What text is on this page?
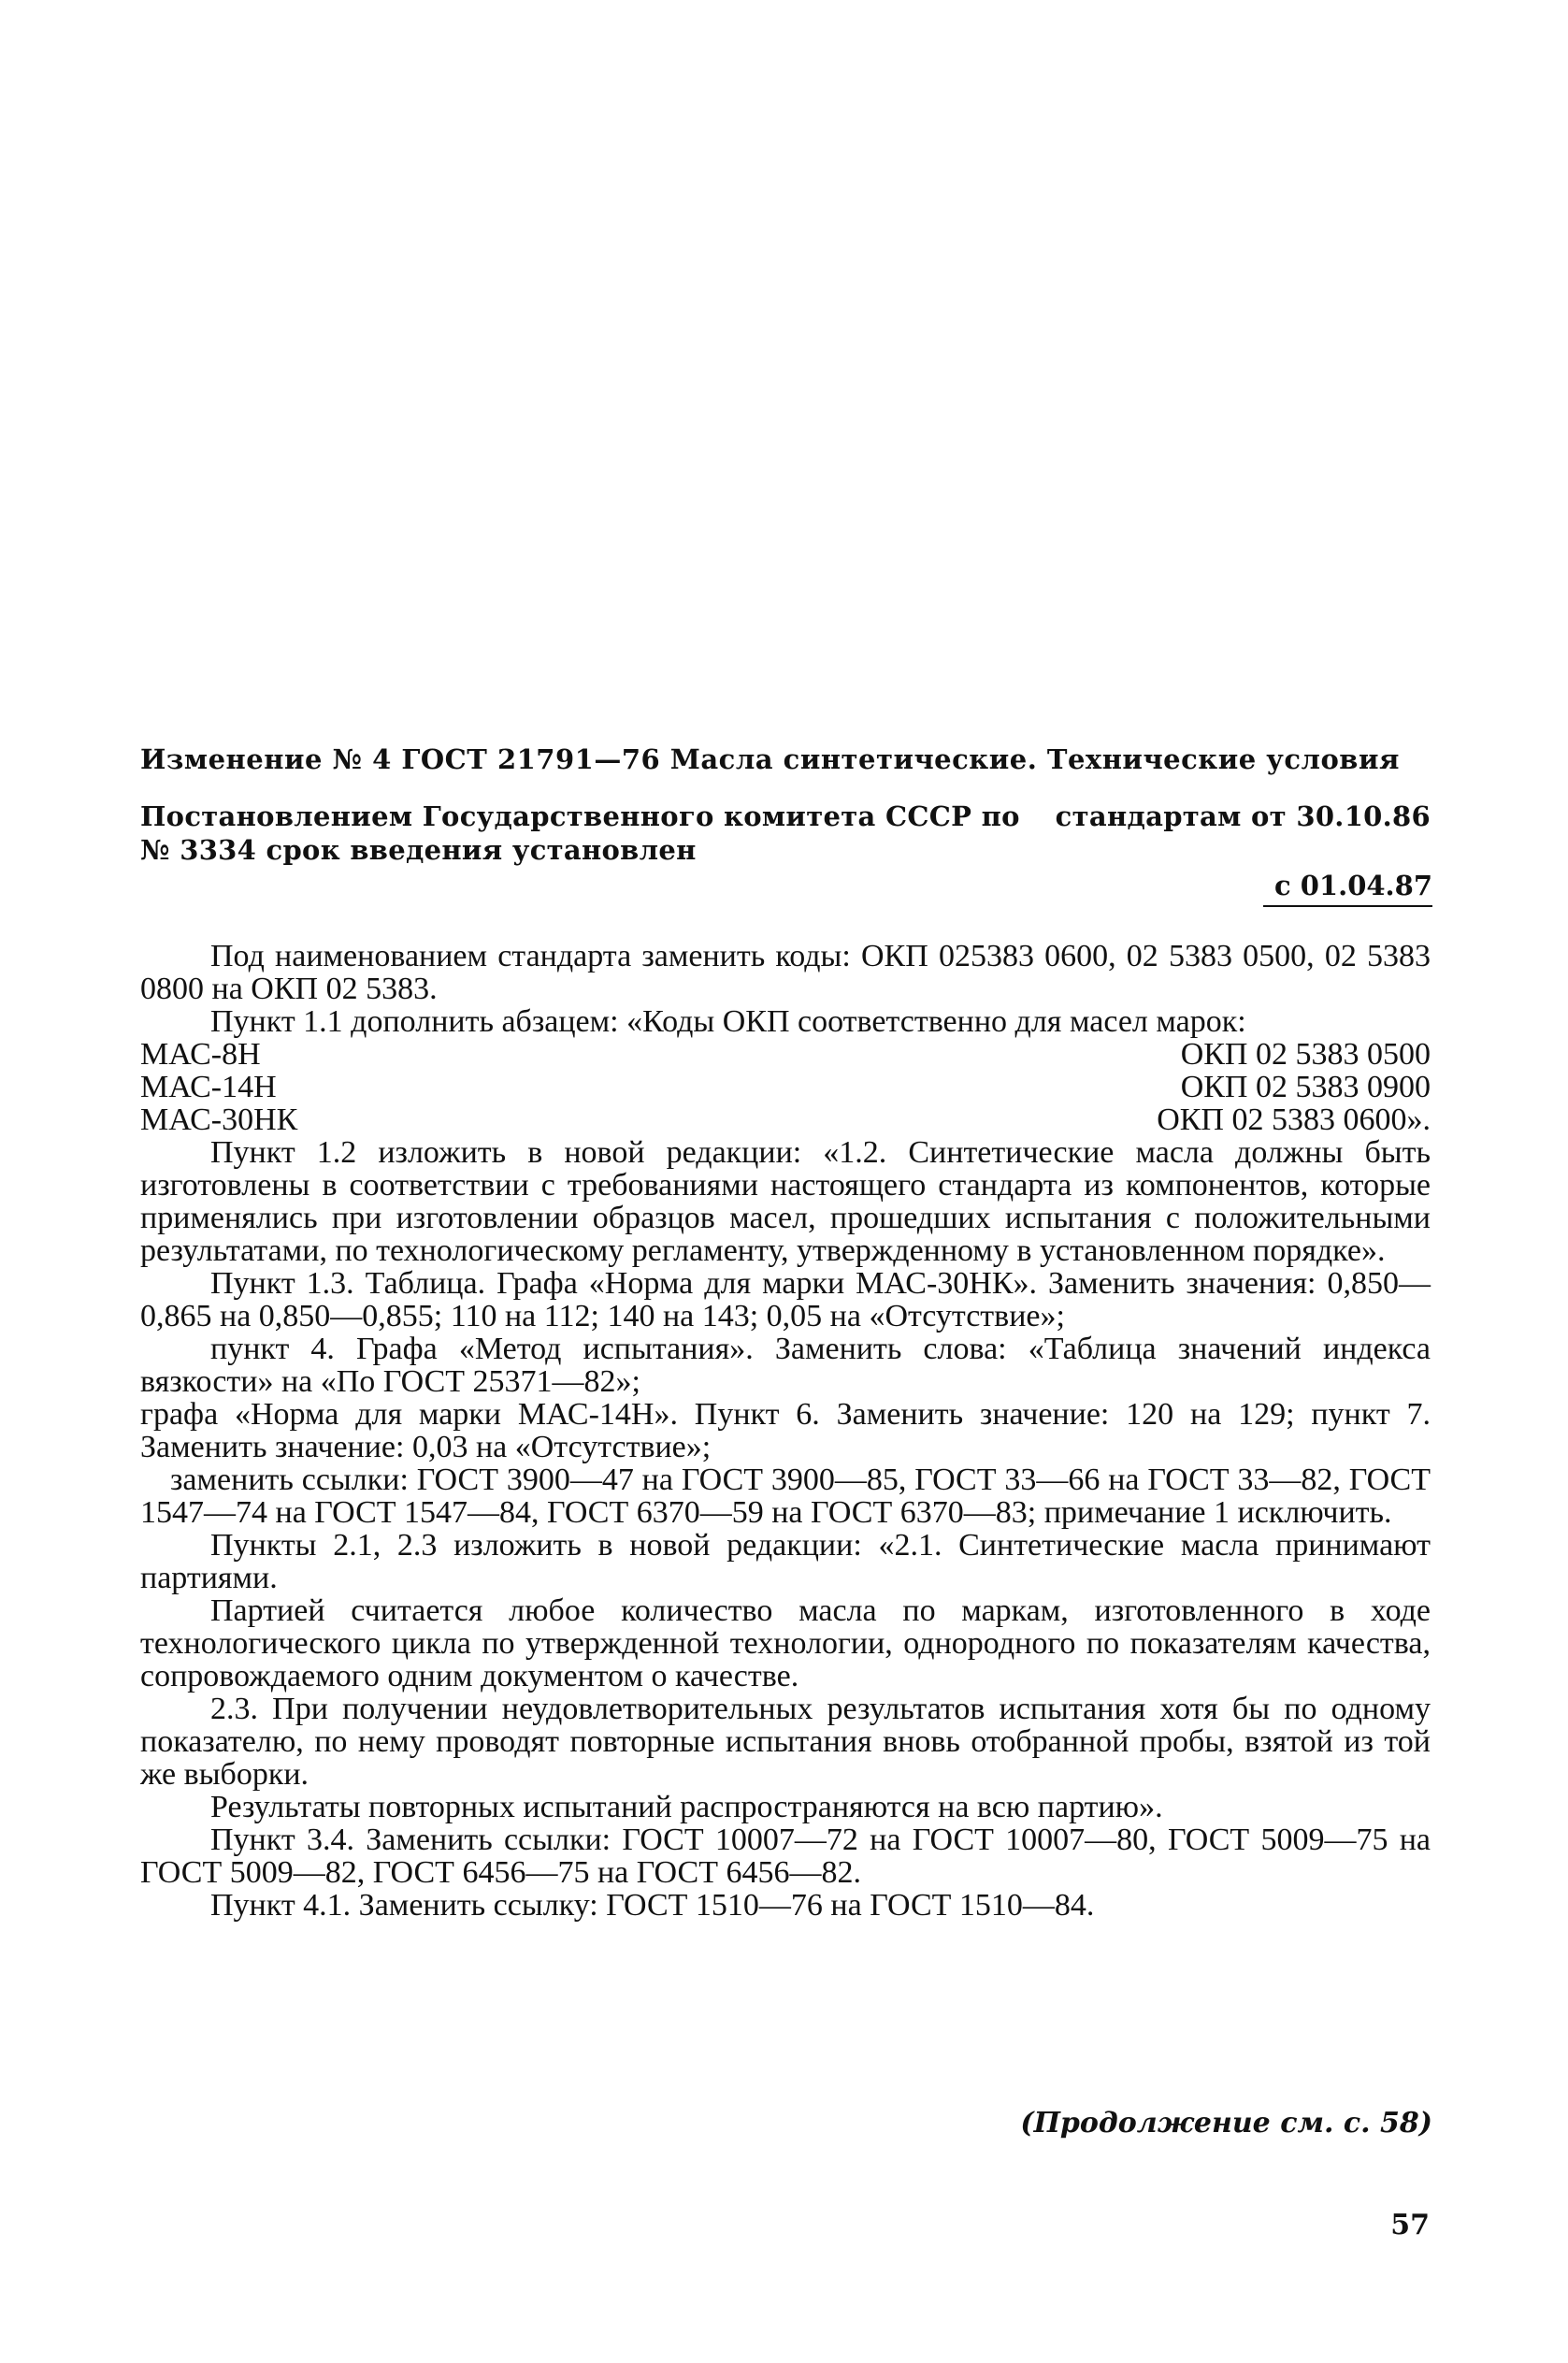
Изменение № 4 ГОСТ 21791—76 Масла синтетические. Технические условия
Постановлением Государственного комитета СССР по стандартам от 30.10.86
№ 3334 срок введения установлен
с 01.04.87

Под наименованием стандарта заменить коды: ОКП 025383 0600, 02 5383 0500, 02 5383 0800 на ОКП 02 5383.

Пункт 1.1 дополнить абзацем: «Коды ОКП соответственно для масел марок:

МАС-8Н	ОКП 02 5383 0500
МАС-14Н	ОКП 02 5383 0900
МАС-30НК	ОКП 02 5383 0600».

Пункт 1.2 изложить в новой редакции: «1.2. Синтетические масла должны быть изготовлены в соответствии с требованиями настоящего стандарта из компонентов, которые применялись при изготовлении образцов масел, прошедших испытания с положительными результатами, по технологическому регламенту, утвержденному в установленном порядке».

Пункт 1.3. Таблица. Графа «Норма для марки МАС-30НК». Заменить значения: 0,850—0,865 на 0,850—0,855; 110 на 112; 140 на 143; 0,05 на «Отсутствие»;

пункт 4. Графа «Метод испытания». Заменить слова: «Таблица значений индекса вязкости» на «По ГОСТ 25371—82»;

графа «Норма для марки МАС-14Н». Пункт 6. Заменить значение: 120 на 129; пункт 7. Заменить значение: 0,03 на «Отсутствие»;

заменить ссылки: ГОСТ 3900—47 на ГОСТ 3900—85, ГОСТ 33—66 на ГОСТ 33—82, ГОСТ 1547—74 на ГОСТ 1547—84, ГОСТ 6370—59 на ГОСТ 6370—83; примечание 1 исключить.

Пункты 2.1, 2.3 изложить в новой редакции: «2.1. Синтетические масла принимают партиями.

Партией считается любое количество масла по маркам, изготовленного в ходе технологического цикла по утвержденной технологии, однородного по показателям качества, сопровождаемого одним документом о качестве.

2.3. При получении неудовлетворительных результатов испытания хотя бы по одному показателю, по нему проводят повторные испытания вновь отобранной пробы, взятой из той же выборки.

Результаты повторных испытаний распространяются на всю партию».

Пункт 3.4. Заменить ссылки: ГОСТ 10007—72 на ГОСТ 10007—80, ГОСТ 5009—75 на ГОСТ 5009—82, ГОСТ 6456—75 на ГОСТ 6456—82.

Пункт 4.1. Заменить ссылку: ГОСТ 1510—76 на ГОСТ 1510—84.

(Продолжение см. с. 58)
57
